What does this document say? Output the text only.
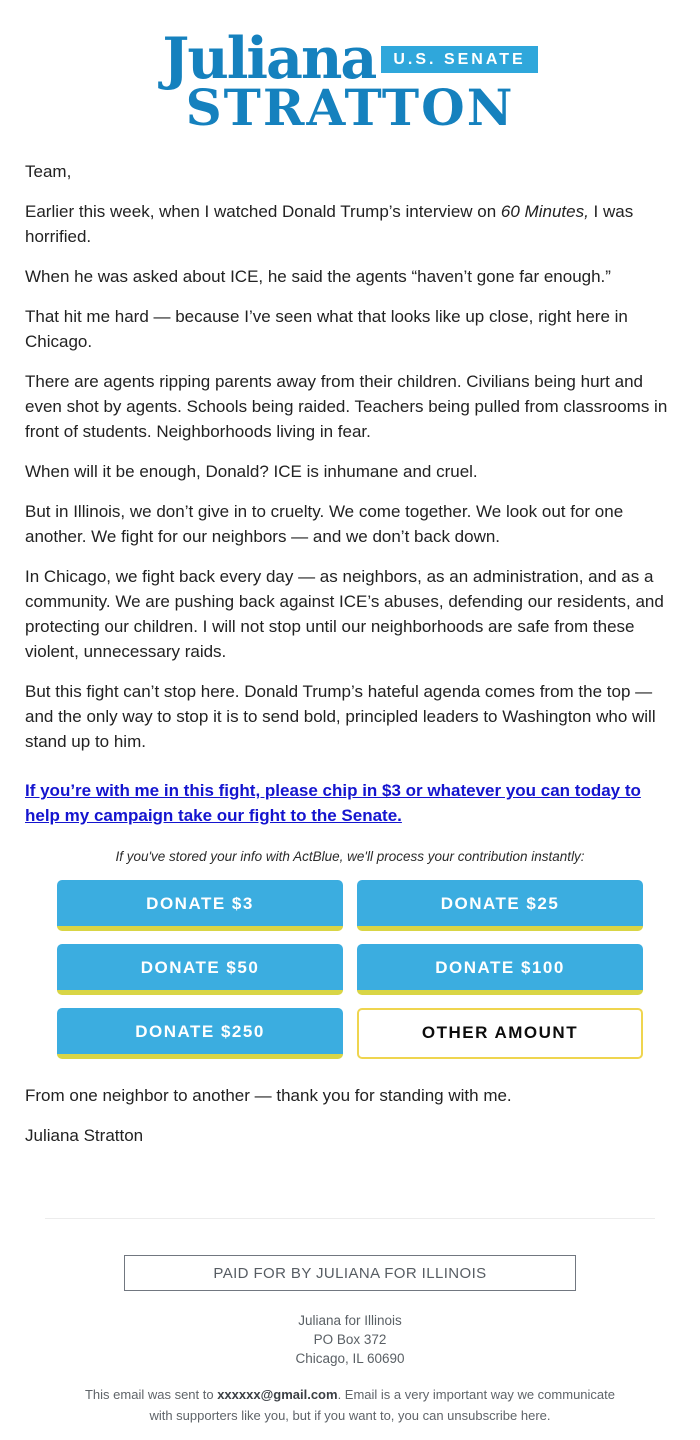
Juliana	U.S. SENATE
STRATTON

Team,

Earlier this week, when I watched Donald Trump’s interview on 60 Minutes, I was horrified.

When he was asked about ICE, he said the agents “haven’t gone far enough.”

That hit me hard — because I’ve seen what that looks like up close, right here in Chicago.

There are agents ripping parents away from their children. Civilians being hurt and even shot by agents. Schools being raided. Teachers being pulled from classrooms in front of students. Neighborhoods living in fear.

When will it be enough, Donald? ICE is inhumane and cruel.

But in Illinois, we don’t give in to cruelty. We come together. We look out for one another. We fight for our neighbors — and we don’t back down.

In Chicago, we fight back every day — as neighbors, as an administration, and as a community. We are pushing back against ICE’s abuses, defending our residents, and protecting our children. I will not stop until our neighborhoods are safe from these violent, unnecessary raids.

But this fight can’t stop here. Donald Trump’s hateful agenda comes from the top — and the only way to stop it is to send bold, principled leaders to Washington who will stand up to him.

If you’re with me in this fight, please chip in $3 or whatever you can today to help my campaign take our fight to the Senate.

If you've stored your info with ActBlue, we'll process your contribution instantly:

DONATE $3	DONATE $25
DONATE $50	DONATE $100
DONATE $250	OTHER AMOUNT

From one neighbor to another — thank you for standing with me.

Juliana Stratton

PAID FOR BY JULIANA FOR ILLINOIS
Juliana for Illinois
PO Box 372
Chicago, IL 60690

This email was sent to xxxxxx@gmail.com. Email is a very important way we communicate with supporters like you, but if you want to, you can unsubscribe here.
